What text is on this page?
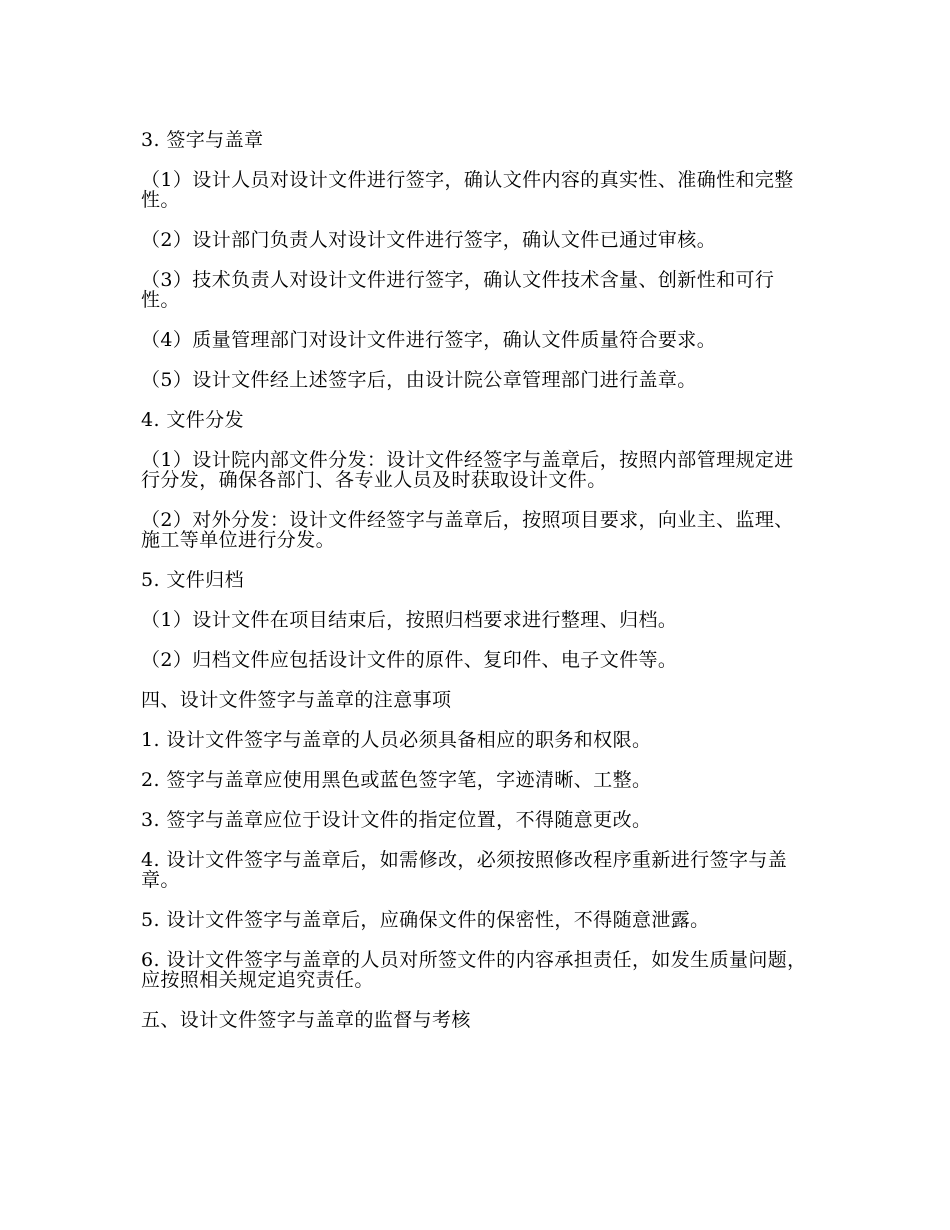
3. 签字与盖章

（1）设计人员对设计文件进行签字，确认文件内容的真实性、准确性和完整性。

（2）设计部门负责人对设计文件进行签字，确认文件已通过审核。

（3）技术负责人对设计文件进行签字，确认文件技术含量、创新性和可行性。

（4）质量管理部门对设计文件进行签字，确认文件质量符合要求。

（5）设计文件经上述签字后，由设计院公章管理部门进行盖章。

4. 文件分发

（1）设计院内部文件分发：设计文件经签字与盖章后，按照内部管理规定进行分发，确保各部门、各专业人员及时获取设计文件。

（2）对外分发：设计文件经签字与盖章后，按照项目要求，向业主、监理、施工等单位进行分发。

5. 文件归档

（1）设计文件在项目结束后，按照归档要求进行整理、归档。

（2）归档文件应包括设计文件的原件、复印件、电子文件等。

四、设计文件签字与盖章的注意事项

1. 设计文件签字与盖章的人员必须具备相应的职务和权限。

2. 签字与盖章应使用黑色或蓝色签字笔，字迹清晰、工整。

3. 签字与盖章应位于设计文件的指定位置，不得随意更改。

4. 设计文件签字与盖章后，如需修改，必须按照修改程序重新进行签字与盖章。

5. 设计文件签字与盖章后，应确保文件的保密性，不得随意泄露。

6. 设计文件签字与盖章的人员对所签文件的内容承担责任，如发生质量问题，应按照相关规定追究责任。

五、设计文件签字与盖章的监督与考核
